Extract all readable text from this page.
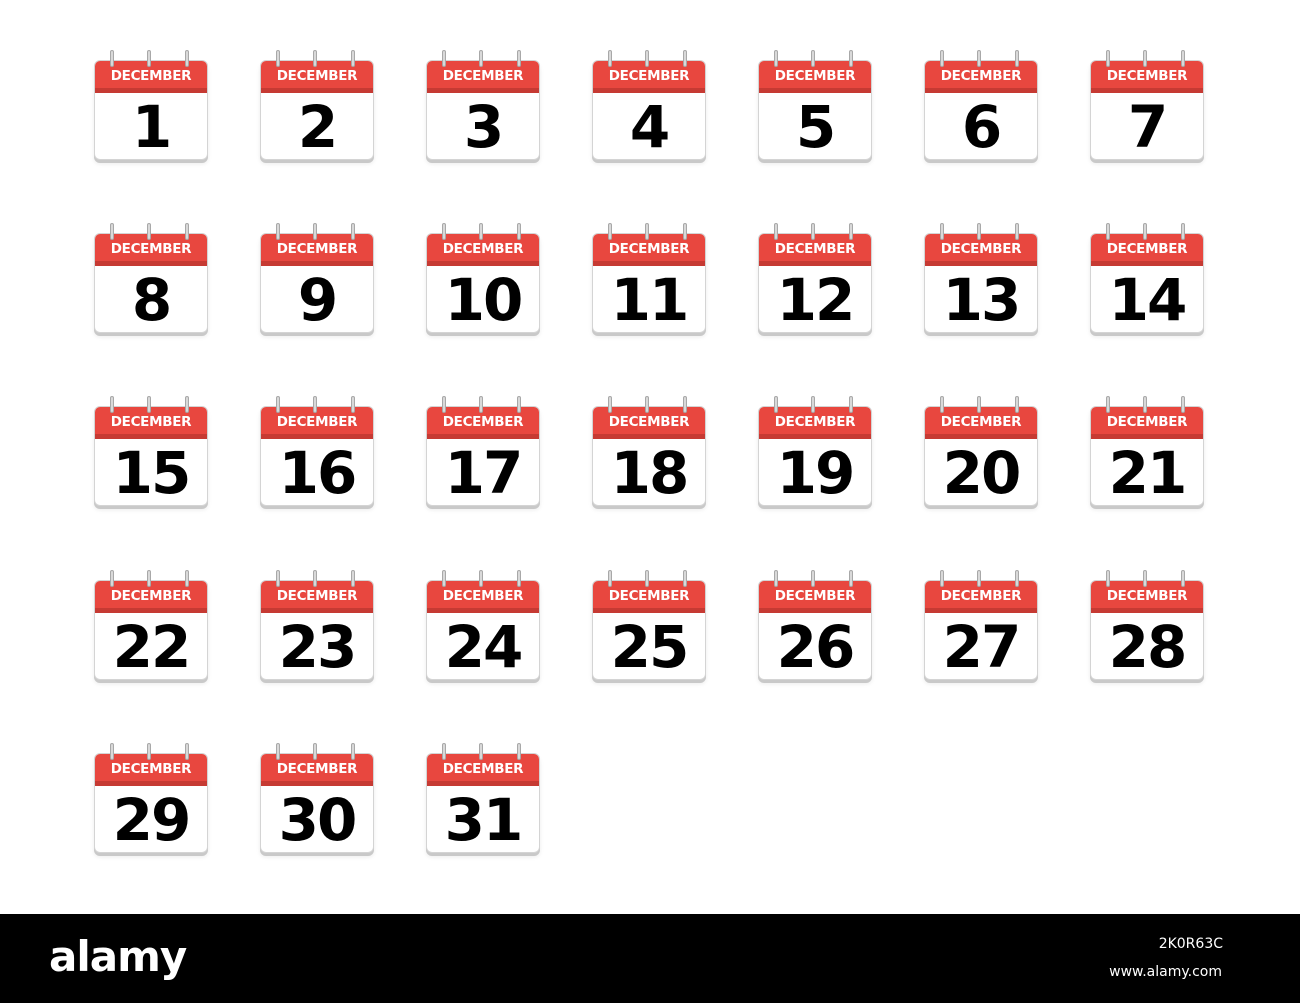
DECEMBER
1
DECEMBER
2
DECEMBER
3
DECEMBER
4
DECEMBER
5
DECEMBER
6
DECEMBER
7
DECEMBER
8
DECEMBER
9
DECEMBER
10
DECEMBER
11
DECEMBER
12
DECEMBER
13
DECEMBER
14
DECEMBER
15
DECEMBER
16
DECEMBER
17
DECEMBER
18
DECEMBER
19
DECEMBER
20
DECEMBER
21
DECEMBER
22
DECEMBER
23
DECEMBER
24
DECEMBER
25
DECEMBER
26
DECEMBER
27
DECEMBER
28
DECEMBER
29
DECEMBER
30
DECEMBER
31
alamy	2K0R63C
www.alamy.com
